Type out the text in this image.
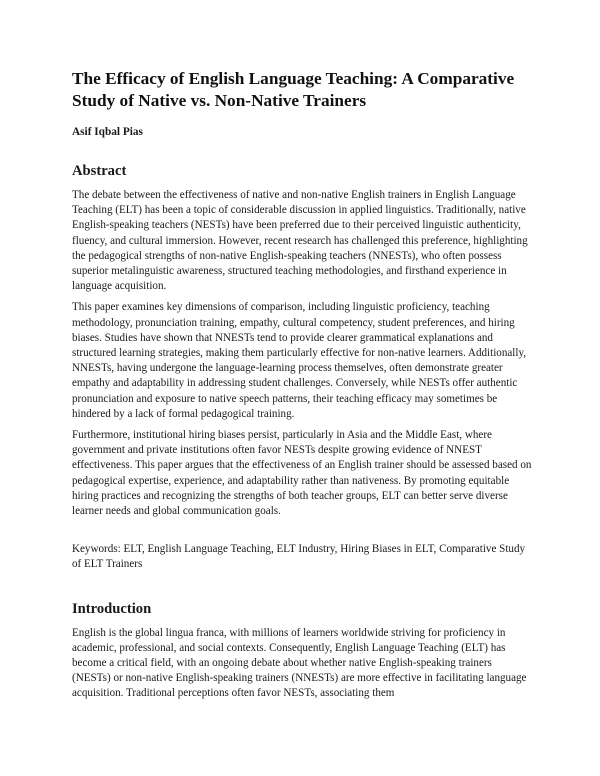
The Efficacy of English Language Teaching: A Comparative Study of Native vs. Non-Native Trainers
Asif Iqbal Pias
Abstract

The debate between the effectiveness of native and non-native English trainers in English Language Teaching (ELT) has been a topic of considerable discussion in applied linguistics. Traditionally, native English-speaking teachers (NESTs) have been preferred due to their perceived linguistic authenticity, fluency, and cultural immersion. However, recent research has challenged this preference, highlighting the pedagogical strengths of non-native English-speaking teachers (NNESTs), who often possess superior metalinguistic awareness, structured teaching methodologies, and firsthand experience in language acquisition.

This paper examines key dimensions of comparison, including linguistic proficiency, teaching methodology, pronunciation training, empathy, cultural competency, student preferences, and hiring biases. Studies have shown that NNESTs tend to provide clearer grammatical explanations and structured learning strategies, making them particularly effective for non-native learners. Additionally, NNESTs, having undergone the language-learning process themselves, often demonstrate greater empathy and adaptability in addressing student challenges. Conversely, while NESTs offer authentic pronunciation and exposure to native speech patterns, their teaching efficacy may sometimes be hindered by a lack of formal pedagogical training.

Furthermore, institutional hiring biases persist, particularly in Asia and the Middle East, where government and private institutions often favor NESTs despite growing evidence of NNEST effectiveness. This paper argues that the effectiveness of an English trainer should be assessed based on pedagogical expertise, experience, and adaptability rather than nativeness. By promoting equitable hiring practices and recognizing the strengths of both teacher groups, ELT can better serve diverse learner needs and global communication goals.

Keywords: ELT, English Language Teaching, ELT Industry, Hiring Biases in ELT, Comparative Study of ELT Trainers

Introduction

English is the global lingua franca, with millions of learners worldwide striving for proficiency in academic, professional, and social contexts. Consequently, English Language Teaching (ELT) has become a critical field, with an ongoing debate about whether native English-speaking trainers (NESTs) or non-native English-speaking trainers (NNESTs) are more effective in facilitating language acquisition. Traditional perceptions often favor NESTs, associating them
